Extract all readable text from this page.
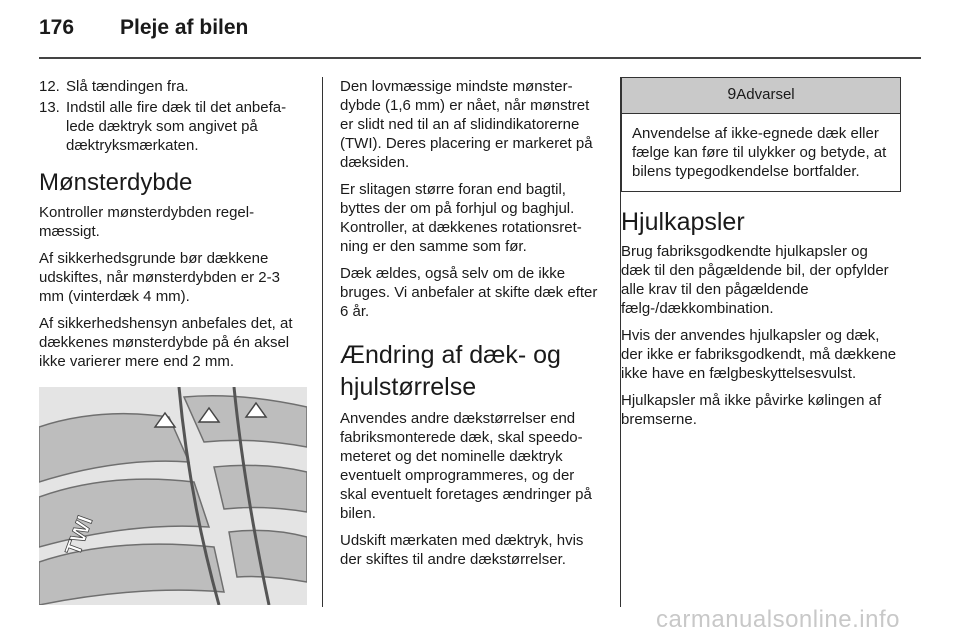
176 Pleje af bilen
12. Slå tændingen fra.
13. Indstil alle fire dæk til det anbefalede dæktryk som angivet på dæktryksmærkaten.
Mønsterdybde

Kontroller mønsterdybden regelmæssigt.

Af sikkerhedsgrunde bør dækkene udskiftes, når mønsterdybden er 2-3 mm (vinterdæk 4 mm).

Af sikkerhedshensyn anbefales det, at dækkenes mønsterdybde på én aksel ikke varierer mere end 2 mm.

TWI

Den lovmæssige mindste mønsterdybde (1,6 mm) er nået, når mønstret er slidt ned til an af slidindikatorerne (TWI). Deres placering er markeret på dæksiden.

Er slitagen større foran end bagtil, byttes der om på forhjul og baghjul. Kontroller, at dækkenes rotationsretning er den samme som før.

Dæk ældes, også selv om de ikke bruges. Vi anbefaler at skifte dæk efter 6 år.

Ændring af dæk- og hjulstørrelse

Anvendes andre dækstørrelser end fabriksmonterede dæk, skal speedometeret og det nominelle dæktryk eventuelt omprogrammeres, og der skal eventuelt foretages ændringer på bilen.

Udskift mærkaten med dæktryk, hvis der skiftes til andre dækstørrelser.

9Advarsel
Anvendelse af ikke-egnede dæk eller fælge kan føre til ulykker og betyde, at bilens typegodkendelse bortfalder.
Hjulkapsler

Brug fabriksgodkendte hjulkapsler og dæk til den pågældende bil, der opfylder alle krav til den pågældende fælg-/dækkombination.

Hvis der anvendes hjulkapsler og dæk, der ikke er fabriksgodkendt, må dækkene ikke have en fælgbeskyttelsesvulst.

Hjulkapsler må ikke påvirke kølingen af bremserne.

carmanualsonline.info
